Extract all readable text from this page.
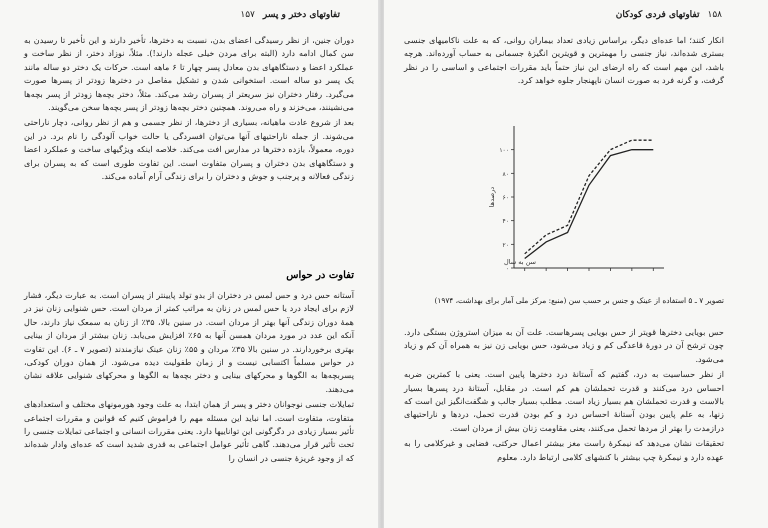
تفاوتهای دختر و پسر
۱۵۷

دوران جنین، از نظر رسیدگی اعضای بدن، نسبت به دخترها، تأخیر دارند و این تأخیر تا رسیدن به سن کمال ادامه دارد (البته برای مردن خیلی عجله دارند!). مثلاً، نوزاد دختر، از نظر ساخت و عملکرد اعضا و دستگاههای بدن معادل پسر چهار تا ۶ ماهه است. حرکات یک دختر دو ساله مانند یک پسر دو ساله است. استخوانی شدن و تشکیل مفاصل در دخترها زودتر از پسرها صورت می‌گیرد. رفتار دختران نیز سریعتر از پسران رشد می‌کند. مثلاً، دختر بچه‌ها زودتر از پسر بچه‌ها می‌نشینند، می‌خزند و راه می‌روند. همچنین دختر بچه‌ها زودتر از پسر بچه‌ها سخن می‌گویند.

بعد از شروع عادت ماهیانه، بسیاری از دخترها، از نظر جسمی و هم از نظر روانی، دچار ناراحتی می‌شوند. از جمله ناراحتیهای آنها می‌توان افسردگی یا حالت خواب آلودگی را نام برد. در این دوره، معمولاً، بازده دخترها در مدارس افت می‌کند. خلاصه اینکه ویژگیهای ساخت و عملکرد اعضا و دستگاههای بدن دختران و پسران متفاوت است. این تفاوت طوری است که به پسران برای زندگی فعالانه و پرجنب و جوش و دختران را برای زندگی آرام آماده می‌کند.

تفاوت در حواس

آستانه حس درد و حس لمس در دختران از بدو تولد پایینتر از پسران است. به عبارت دیگر، فشار لازم برای ایجاد درد یا حس لمس در زنان به مراتب کمتر از مردان است. حس شنوایی زنان نیز در همهٔ دوران زندگی آنها بهتر از مردان است. در سنین بالا، ۳۵٪ از زنان به سمعک نیاز دارند، حال آنکه این عدد در مورد مردان همسن آنها به ۶۵٪ افزایش می‌یابد. زنان بیشتر از مردان از بینایی بهتری برخوردارند. در سنین بالا ۳۵٪ مردان و ۵۵٪ زنان عینک نیازمندند (تصویر ۷ ـ ۶). این تفاوت در حواس مسلماً اکتسابی نیست و از زمان طفولیت دیده می‌شود. از همان دوران کودکی، پسربچه‌ها به الگوها و محرکهای بینایی و دختر بچه‌ها به الگوها و محرکهای شنوایی علاقه نشان می‌دهند.

تمایلات جنسی نوجوانان دختر و پسر از همان ابتدا، به علت وجود هورمونهای مختلف و استعدادهای متفاوت، متفاوت است. اما نباید این مسئله مهم را فراموش کنیم که قوانین و مقررات اجتماعی تأثیر بسیار زیادی در دگرگونی این تواناییها دارد. یعنی مقررات انسانی و اجتماعی تمایلات جنسی را تحت تأثیر قرار می‌دهند. گاهی تأثیر عوامل اجتماعی به قدری شدید است که عده‌ای وادار شده‌اند که از وجود غریزهٔ جنسی در انسان را

۱۵۸
تفاوتهای فردی کودکان

انکار کنند؛ اما عده‌ای دیگر، براساس زیادی تعداد بیماران روانی، که به علت ناکامیهای جنسی بستری شده‌اند، نیاز جنسی را مهمترین و قویترین انگیزهٔ جسمانی به حساب آورده‌اند. هرچه باشد، این مهم است که راه ارضای این نیاز حتماً باید مقررات اجتماعی و اساسی را در نظر گرفت، و گرنه فرد به صورت انسان ناپهنجار جلوه خواهد کرد.

۱۰۰
۸۰
۶۰
۴۰
۲۰
۰
درصدها
سن به سال
تصویر ۷ ـ ۵ استفاده از عینک و جنس بر حسب سن (منبع: مرکز ملی آمار برای بهداشت، ۱۹۷۴)

حس بویایی دخترها قویتر از حس بویایی پسرهاست. علت آن به میزان استروژن بستگی دارد. چون ترشح آن در دورهٔ قاعدگی کم و زیاد می‌شود، حس بویایی زن نیز به همراه آن کم و زیاد می‌شود.

از نظر حساسیت به درد، گفتیم که آستانهٔ درد دخترها پایین است. یعنی با کمترین ضربه احساس درد می‌کنند و قدرت تحملشان هم کم است. در مقابل، آستانهٔ درد پسرها بسیار بالاست و قدرت تحملشان هم بسیار زیاد است. مطلب بسیار جالب و شگفت‌انگیز این است که زنها، به علم پایین بودن آستانهٔ احساس درد و کم بودن قدرت تحمل، دردها و ناراحتیهای درازمدت را بهتر از مردها تحمل می‌کنند، یعنی مقاومت زنان بیش از مردان است.

تحقیقات نشان می‌دهد که نیمکرهٔ راست مغز بیشتر اعمال حرکتی، فضایی و غیرکلامی را به عهده دارد و نیمکرهٔ چپ بیشتر با کنشهای کلامی ارتباط دارد. معلوم
